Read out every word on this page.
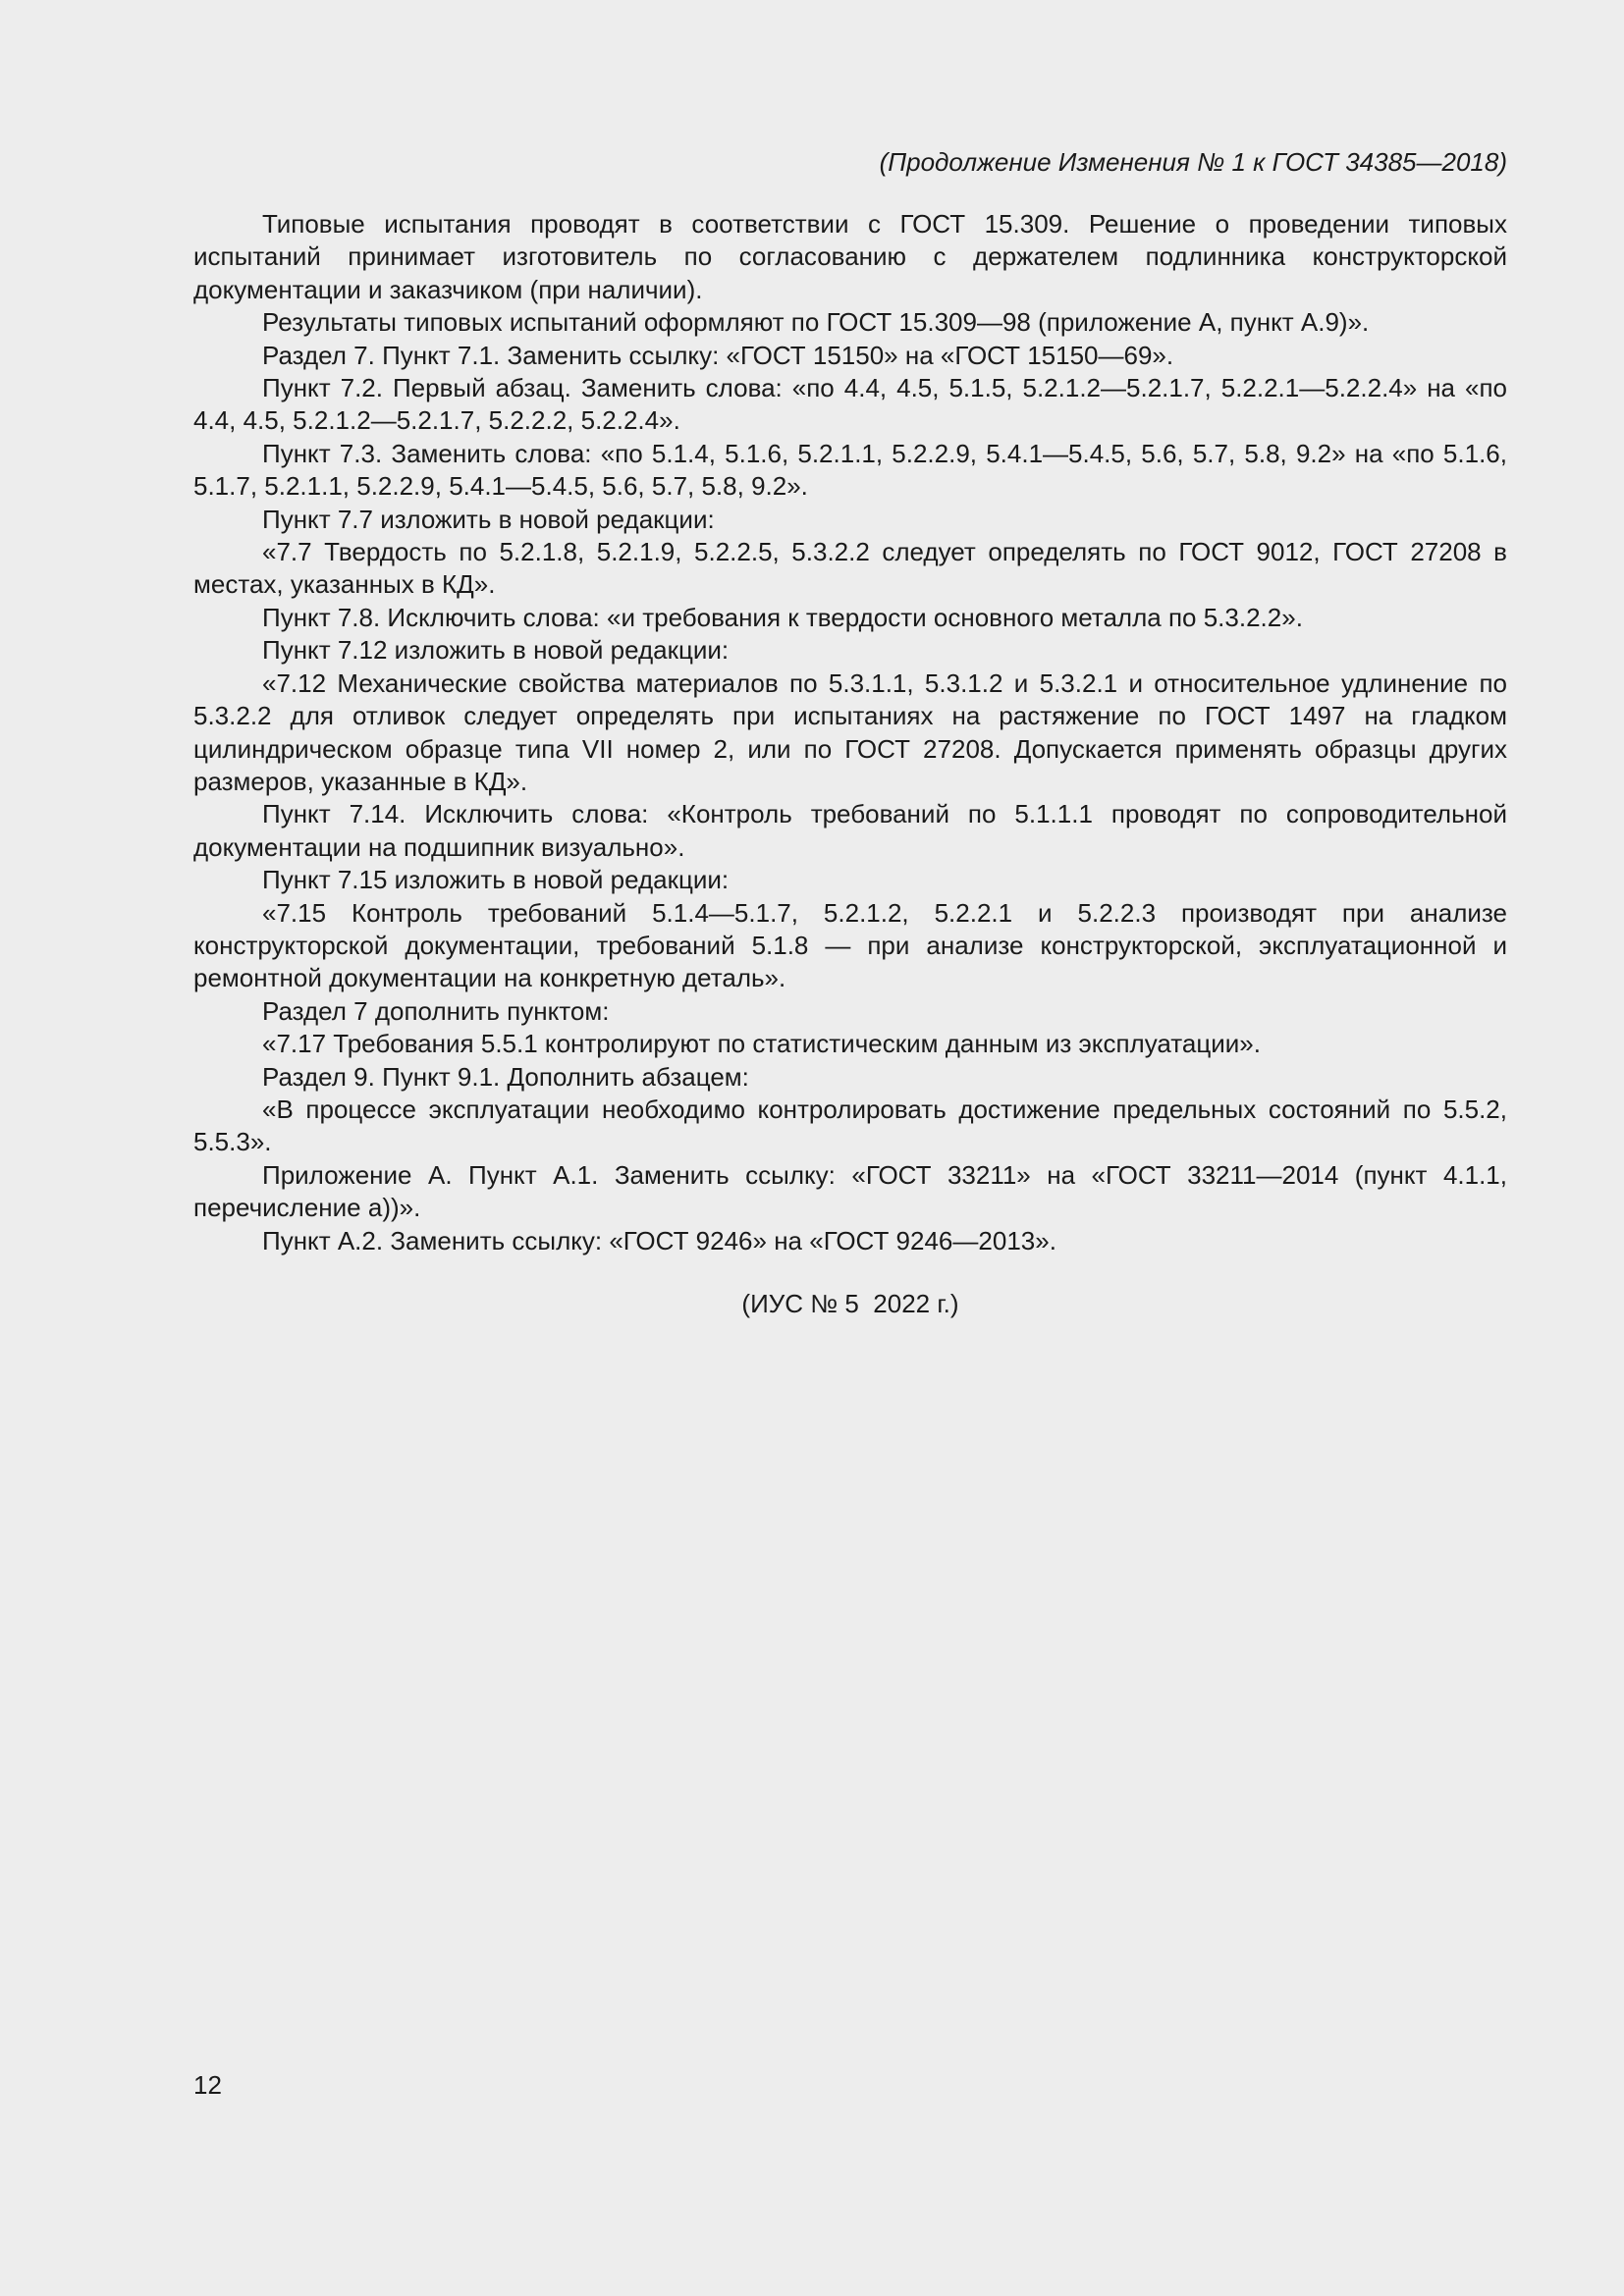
(Продолжение Изменения № 1 к ГОСТ 34385—2018)

Типовые испытания проводят в соответствии с ГОСТ 15.309. Решение о проведении типовых испытаний принимает изготовитель по согласованию с держателем подлинника конструкторской документации и заказчиком (при наличии).

Результаты типовых испытаний оформляют по ГОСТ 15.309—98 (приложение А, пункт А.9)».

Раздел 7. Пункт 7.1. Заменить ссылку: «ГОСТ 15150» на «ГОСТ 15150—69».

Пункт 7.2. Первый абзац. Заменить слова: «по 4.4, 4.5, 5.1.5, 5.2.1.2—5.2.1.7, 5.2.2.1—5.2.2.4» на «по 4.4, 4.5, 5.2.1.2—5.2.1.7, 5.2.2.2, 5.2.2.4».

Пункт 7.3. Заменить слова: «по 5.1.4, 5.1.6, 5.2.1.1, 5.2.2.9, 5.4.1—5.4.5, 5.6, 5.7, 5.8, 9.2» на «по 5.1.6, 5.1.7, 5.2.1.1, 5.2.2.9, 5.4.1—5.4.5, 5.6, 5.7, 5.8, 9.2».

Пункт 7.7 изложить в новой редакции:

«7.7 Твердость по 5.2.1.8, 5.2.1.9, 5.2.2.5, 5.3.2.2 следует определять по ГОСТ 9012, ГОСТ 27208 в местах, указанных в КД».

Пункт 7.8. Исключить слова: «и требования к твердости основного металла по 5.3.2.2».

Пункт 7.12 изложить в новой редакции:

«7.12 Механические свойства материалов по 5.3.1.1, 5.3.1.2 и 5.3.2.1 и относительное удлинение по 5.3.2.2 для отливок следует определять при испытаниях на растяжение по ГОСТ 1497 на гладком цилиндрическом образце типа VII номер 2, или по ГОСТ 27208. Допускается применять образцы других размеров, указанные в КД».

Пункт 7.14. Исключить слова: «Контроль требований по 5.1.1.1 проводят по сопроводительной документации на подшипник визуально».

Пункт 7.15 изложить в новой редакции:

«7.15 Контроль требований 5.1.4—5.1.7, 5.2.1.2, 5.2.2.1 и 5.2.2.3 производят при анализе конструкторской документации, требований 5.1.8 — при анализе конструкторской, эксплуатационной и ремонтной документации на конкретную деталь».

Раздел 7 дополнить пунктом:

«7.17 Требования 5.5.1 контролируют по статистическим данным из эксплуатации».

Раздел 9. Пункт 9.1. Дополнить абзацем:

«В процессе эксплуатации необходимо контролировать достижение предельных состояний по 5.5.2, 5.5.3».

Приложение А. Пункт А.1. Заменить ссылку: «ГОСТ 33211» на «ГОСТ 33211—2014 (пункт 4.1.1, перечисление а))».

Пункт А.2. Заменить ссылку: «ГОСТ 9246» на «ГОСТ 9246—2013».

(ИУС № 5  2022 г.)
12
